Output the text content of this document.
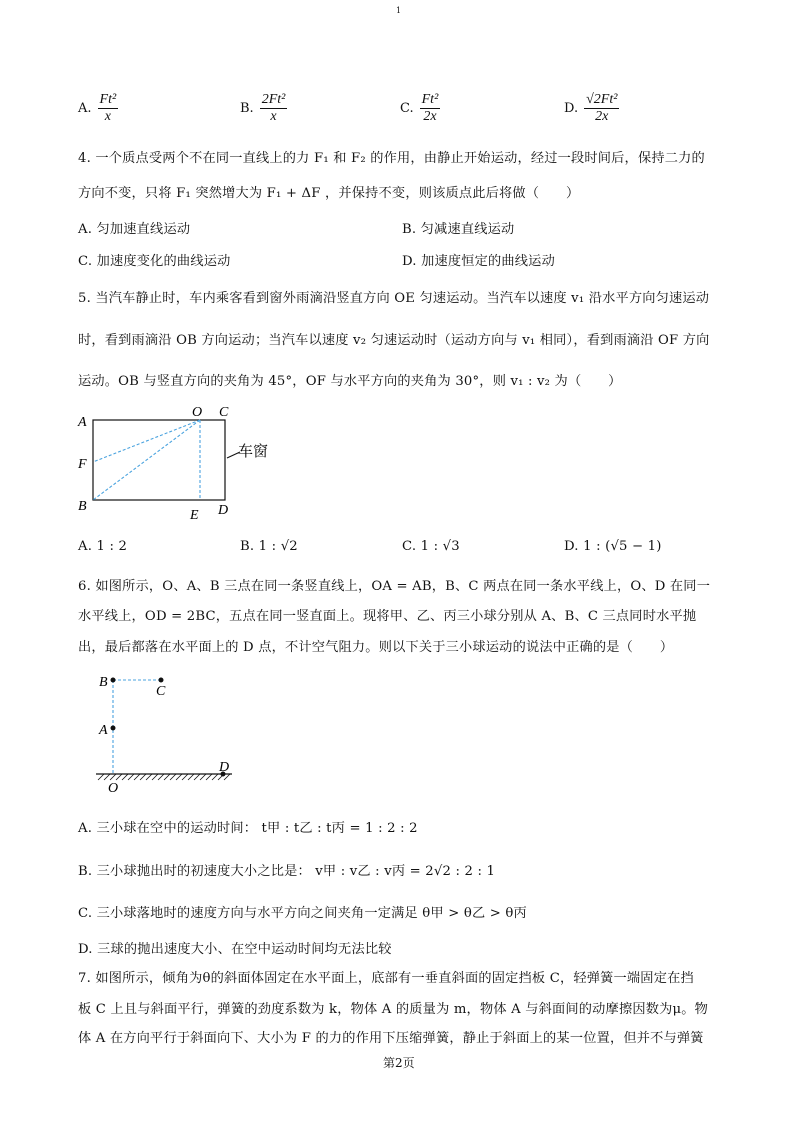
1
A. $\frac{\text{Ft²}}{x}$	B. $\frac{\text{2Ft²}}{x}$	C. $\frac{\text{Ft²}}{2x}$	D. $\frac{\text{√2Ft²}}{2x}$
4. 一个质点受两个不在同一直线上的力 F₁ 和 F₂ 的作用，由静止开始运动，经过一段时间后，保持二力的
方向不变，只将 F₁ 突然增大为 F₁ + ΔF ，并保持不变，则该质点此后将做（　　）
A. 匀加速直线运动	B. 匀减速直线运动
C. 加速度变化的曲线运动	D. 加速度恒定的曲线运动
5. 当汽车静止时，车内乘客看到窗外雨滴沿竖直方向 OE 匀速运动。当汽车以速度 v₁ 沿水平方向匀速运动
时，看到雨滴沿 OB 方向运动；当汽车以速度 v₂ 匀速运动时（运动方向与 v₁ 相同），看到雨滴沿 OF 方向
运动。OB 与竖直方向的夹角为 45°，OF 与水平方向的夹角为 30°，则 v₁ : v₂ 为（　　）
A
O C
F
B
E D
车窗
A. 1 : 2	B. 1 : √2	C. 1 : √3	D. 1 : (√5 − 1)
6. 如图所示，O、A、B 三点在同一条竖直线上，OA = AB，B、C 两点在同一条水平线上，O、D 在同一
水平线上，OD = 2BC，五点在同一竖直面上。现将甲、乙、丙三小球分别从 A、B、C 三点同时水平抛
出，最后都落在水平面上的 D 点，不计空气阻力。则以下关于三小球运动的说法中正确的是（　　）
B
C
A
O
D
A. 三小球在空中的运动时间： t甲 : t乙 : t丙 = 1 : 2 : 2
B. 三小球抛出时的初速度大小之比是： v甲 : v乙 : v丙 = 2√2 : 2 : 1
C. 三小球落地时的速度方向与水平方向之间夹角一定满足 θ甲 > θ乙 > θ丙
D. 三球的抛出速度大小、在空中运动时间均无法比较
7. 如图所示，倾角为θ的斜面体固定在水平面上，底部有一垂直斜面的固定挡板 C，轻弹簧一端固定在挡
板 C 上且与斜面平行，弹簧的劲度系数为 k，物体 A 的质量为 m，物体 A 与斜面间的动摩擦因数为μ。物
体 A 在方向平行于斜面向下、大小为 F 的力的作用下压缩弹簧，静止于斜面上的某一位置，但并不与弹簧
第2页
